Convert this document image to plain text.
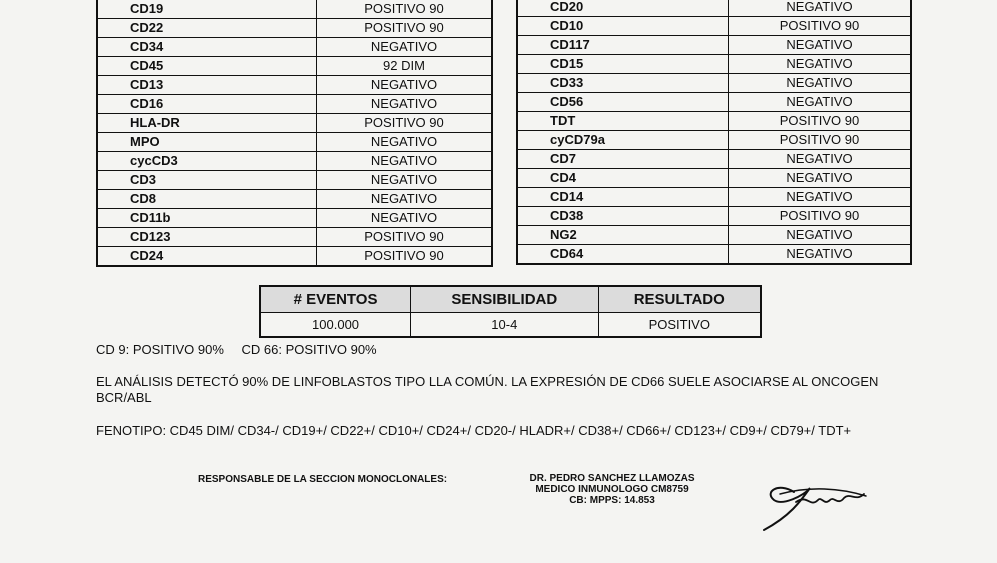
CD19	POSITIVO 90
CD22	POSITIVO 90
CD34	NEGATIVO
CD45	92 DIM
CD13	NEGATIVO
CD16	NEGATIVO
HLA-DR	POSITIVO 90
MPO	NEGATIVO
cycCD3	NEGATIVO
CD3	NEGATIVO
CD8	NEGATIVO
CD11b	NEGATIVO
CD123	POSITIVO 90
CD24	POSITIVO 90
CD20	NEGATIVO
CD10	POSITIVO 90
CD117	NEGATIVO
CD15	NEGATIVO
CD33	NEGATIVO
CD56	NEGATIVO
TDT	POSITIVO 90
cyCD79a	POSITIVO 90
CD7	NEGATIVO
CD4	NEGATIVO
CD14	NEGATIVO
CD38	POSITIVO 90
NG2	NEGATIVO
CD64	NEGATIVO
# EVENTOS	SENSIBILIDAD	RESULTADO
100.000	10-4	POSITIVO
CD 9: POSITIVO 90% CD 66: POSITIVO 90%
EL ANÁLISIS DETECTÓ 90% DE LINFOBLASTOS TIPO LLA COMÚN. LA EXPRESIÓN DE CD66 SUELE ASOCIARSE AL ONCOGEN BCR/ABL
FENOTIPO: CD45 DIM/ CD34-/ CD19+/ CD22+/ CD10+/ CD24+/ CD20-/ HLADR+/ CD38+/ CD66+/ CD123+/ CD9+/ CD79+/ TDT+
RESPONSABLE DE LA SECCION MONOCLONALES:	DR. PEDRO SANCHEZ LLAMOZAS
MEDICO INMUNOLOGO CM8759
CB: MPPS: 14.853
